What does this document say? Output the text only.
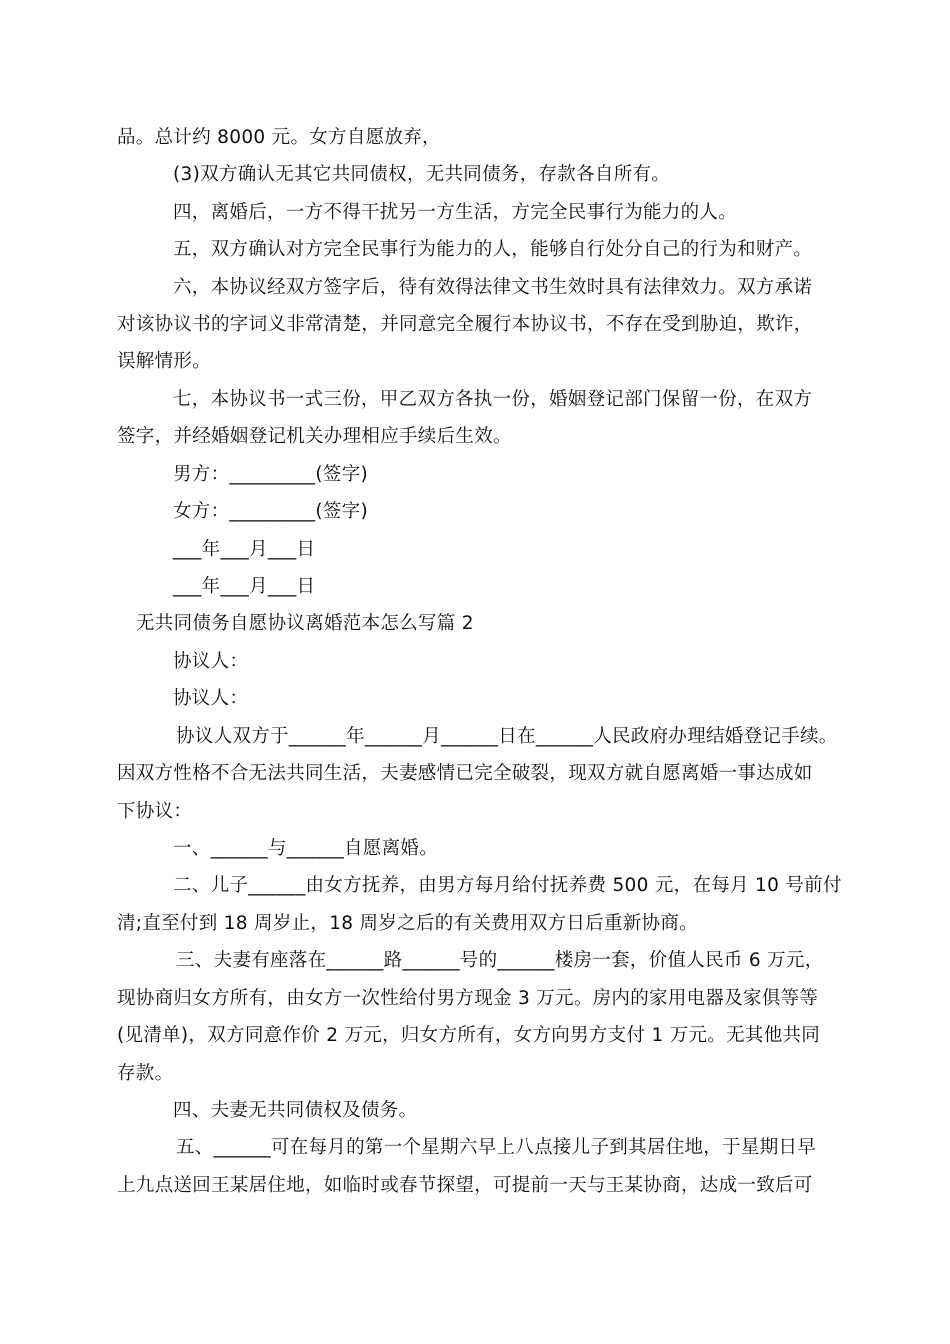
品。总计约 8000 元。女方自愿放弃，
(3)双方确认无其它共同债权，无共同债务，存款各自所有。
四，离婚后，一方不得干扰另一方生活，方完全民事行为能力的人。
五，双方确认对方完全民事行为能力的人，能够自行处分自己的行为和财产。
六，本协议经双方签字后，待有效得法律文书生效时具有法律效力。双方承诺
对该协议书的字词义非常清楚，并同意完全履行本协议书，不存在受到胁迫，欺诈，
误解情形。
七，本协议书一式三份，甲乙双方各执一份，婚姻登记部门保留一份，在双方
签字，并经婚姻登记机关办理相应手续后生效。
男方：_________(签字)
女方：_________(签字)
___年___月___日
___年___月___日
无共同债务自愿协议离婚范本怎么写篇 2
协议人：
协议人：
协议人双方于______年______月______日在______人民政府办理结婚登记手续。
因双方性格不合无法共同生活，夫妻感情已完全破裂，现双方就自愿离婚一事达成如
下协议：
一、______与______自愿离婚。
二、儿子______由女方抚养，由男方每月给付抚养费 500 元，在每月 10 号前付
清;直至付到 18 周岁止，18 周岁之后的有关费用双方日后重新协商。
三、夫妻有座落在______路______号的______楼房一套，价值人民币 6 万元，
现协商归女方所有，由女方一次性给付男方现金 3 万元。房内的家用电器及家俱等等
(见清单)，双方同意作价 2 万元，归女方所有，女方向男方支付 1 万元。无其他共同
存款。
四、夫妻无共同债权及债务。
五、______可在每月的第一个星期六早上八点接儿子到其居住地，于星期日早
上九点送回王某居住地，如临时或春节探望，可提前一天与王某协商，达成一致后可
